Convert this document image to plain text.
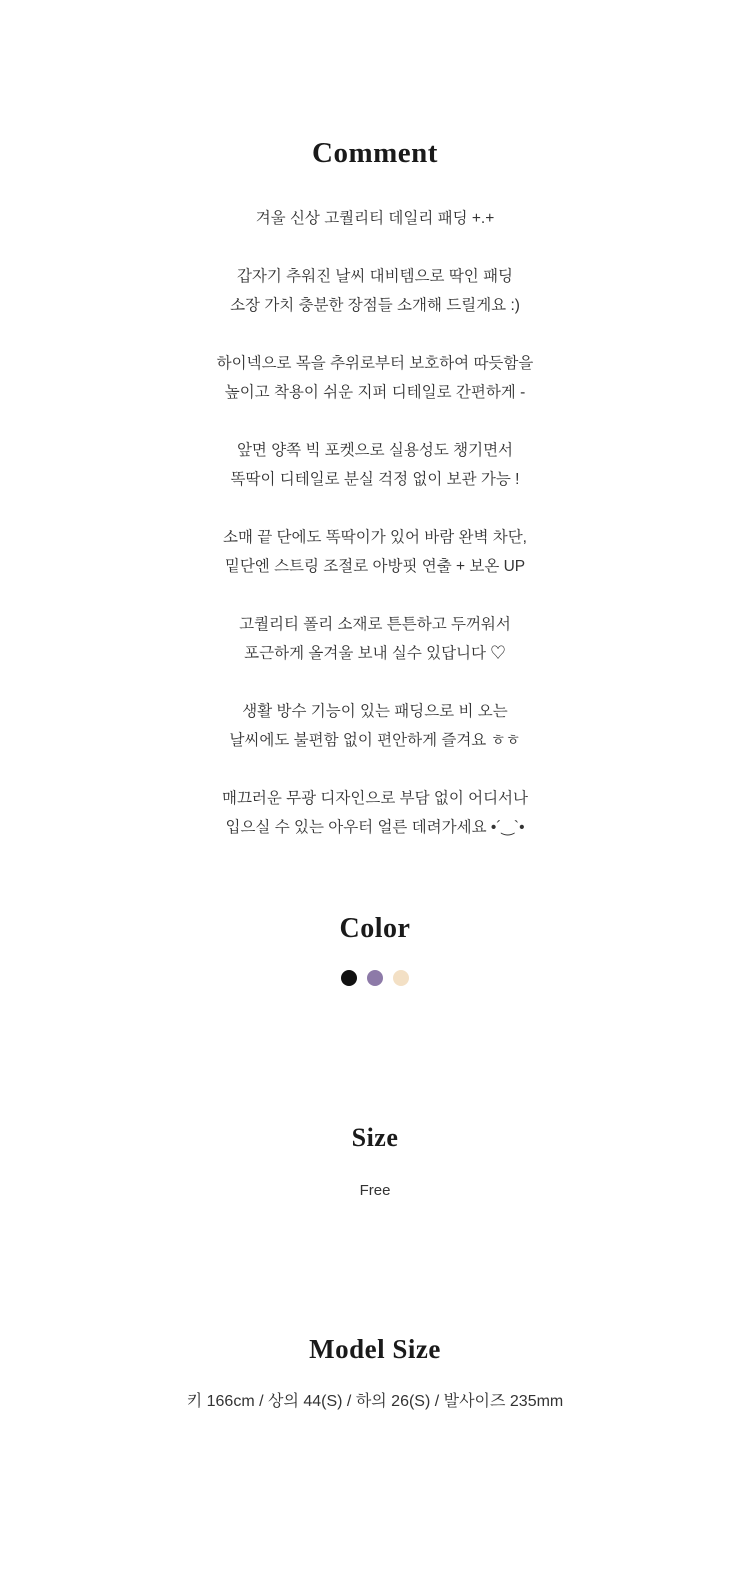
Comment

겨울 신상 고퀄리티 데일리 패딩 +.+

갑자기 추워진 날씨 대비템으로 딱인 패딩
소장 가치 충분한 장점들 소개해 드릴게요 :)

하이넥으로 목을 추위로부터 보호하여 따듯함을
높이고 착용이 쉬운 지퍼 디테일로 간편하게 -

앞면 양쪽 빅 포켓으로 실용성도 챙기면서
똑딱이 디테일로 분실 걱정 없이 보관 가능 !

소매 끝 단에도 똑딱이가 있어 바람 완벽 차단,
밑단엔 스트링 조절로 아방핏 연출 + 보온 UP

고퀄리티 폴리 소재로 튼튼하고 두꺼워서
포근하게 올겨울 보내 실수 있답니다 ♡

생활 방수 기능이 있는 패딩으로 비 오는
날씨에도 불편함 없이 편안하게 즐겨요 ㅎㅎ

매끄러운 무광 디자인으로 부담 없이 어디서나
입으실 수 있는 아우터 얼른 데려가세요 •´‿`•

Color
Size
Free
Model Size
키 166cm / 상의 44(S) / 하의 26(S) / 발사이즈 235mm
